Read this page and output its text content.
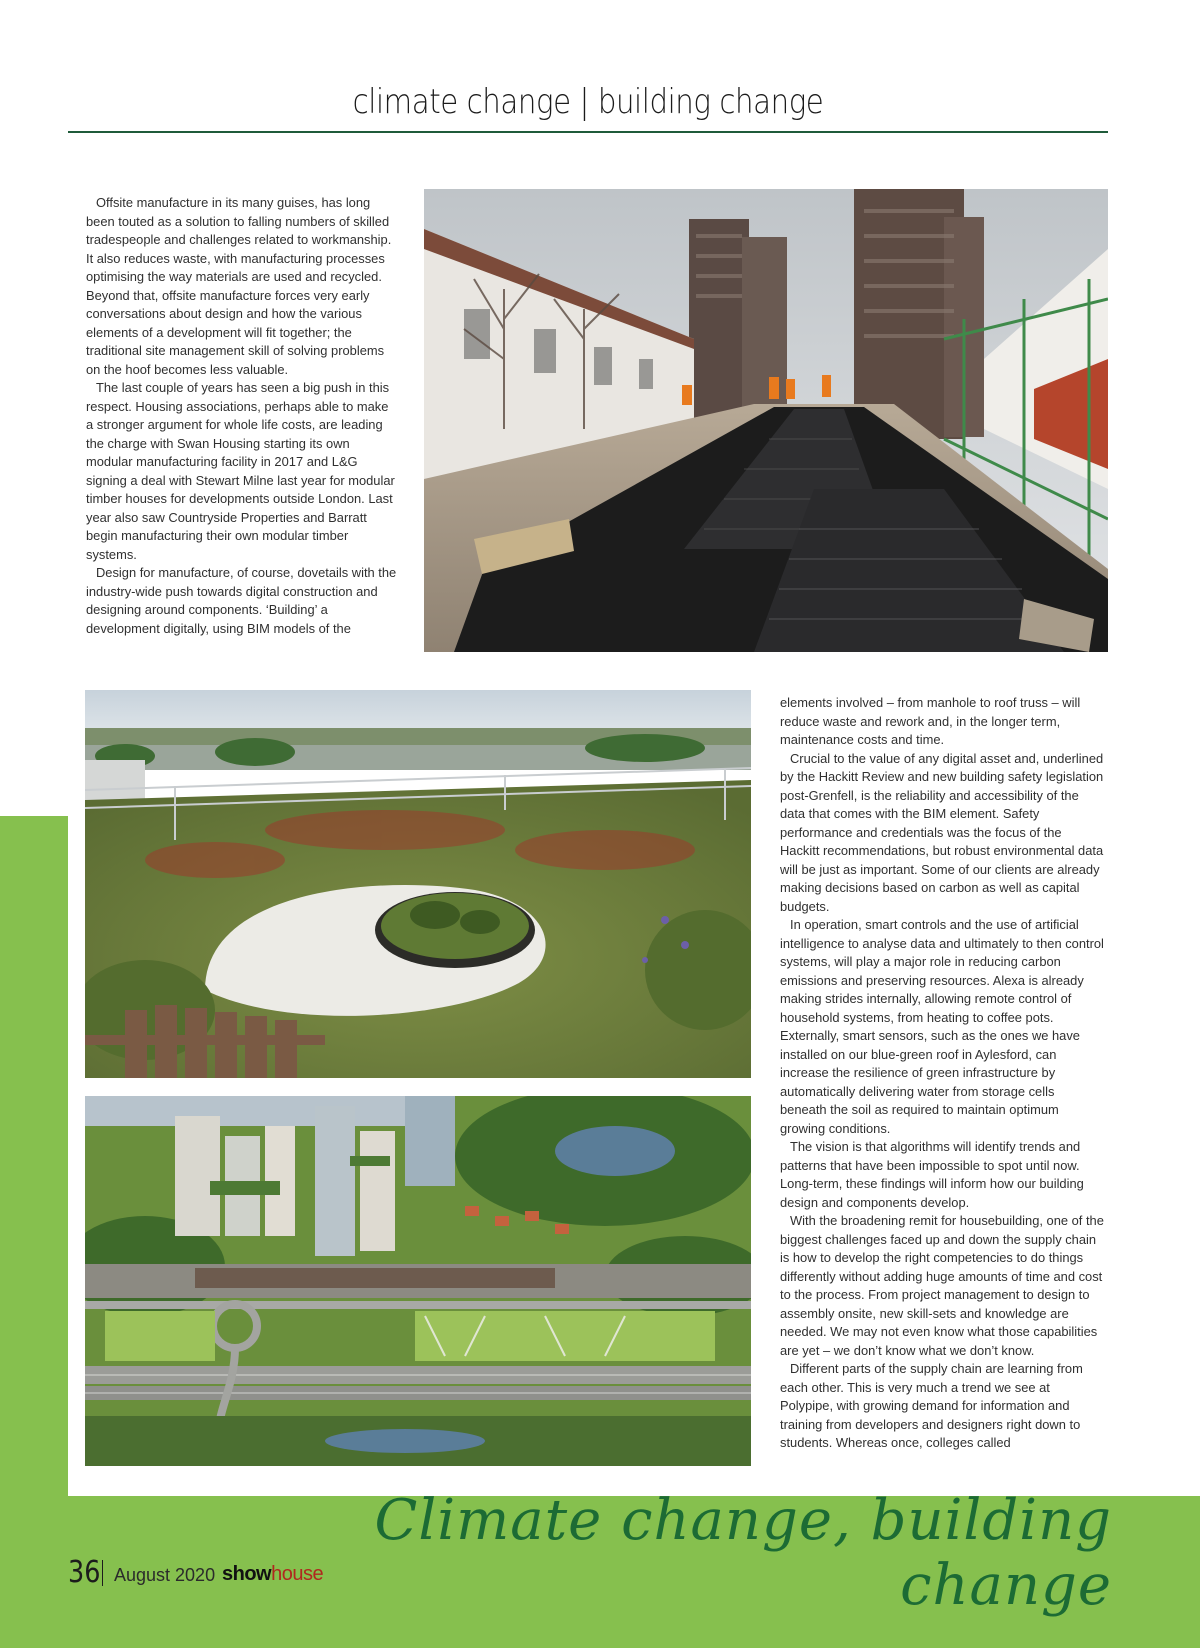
climate change | building change

Offsite manufacture in its many guises, has long been touted as a solution to falling numbers of skilled tradespeople and challenges related to workmanship. It also reduces waste, with manufacturing processes optimising the way materials are used and recycled. Beyond that, offsite manufacture forces very early conversations about design and how the various elements of a development will fit together; the traditional site management skill of solving problems on the hoof becomes less valuable.

The last couple of years has seen a big push in this respect. Housing associations, perhaps able to make a stronger argument for whole life costs, are leading the charge with Swan Housing starting its own modular manufacturing facility in 2017 and L&G signing a deal with Stewart Milne last year for modular timber houses for developments outside London. Last year also saw Countryside Properties and Barratt begin manufacturing their own modular timber systems.

Design for manufacture, of course, dovetails with the industry-wide push towards digital construction and designing around components. ‘Building’ a development digitally, using BIM models of the

elements involved – from manhole to roof truss – will reduce waste and rework and, in the longer term, maintenance costs and time.

Crucial to the value of any digital asset and, underlined by the Hackitt Review and new building safety legislation post-Grenfell, is the reliability and accessibility of the data that comes with the BIM element. Safety performance and credentials was the focus of the Hackitt recommendations, but robust environmental data will be just as important. Some of our clients are already making decisions based on carbon as well as capital budgets.

In operation, smart controls and the use of artificial intelligence to analyse data and ultimately to then control systems, will play a major role in reducing carbon emissions and preserving resources. Alexa is already making strides internally, allowing remote control of household systems, from heating to coffee pots. Externally, smart sensors, such as the ones we have installed on our blue-green roof in Aylesford, can increase the resilience of green infrastructure by automatically delivering water from storage cells beneath the soil as required to maintain optimum growing conditions.

The vision is that algorithms will identify trends and patterns that have been impossible to spot until now. Long-term, these findings will inform how our building design and components develop.

With the broadening remit for housebuilding, one of the biggest challenges faced up and down the supply chain is how to develop the right competencies to do things differently without adding huge amounts of time and cost to the process. From project management to design to assembly onsite, new skill-sets and knowledge are needed. We may not even know what those capabilities are yet – we don’t know what we don’t know.

Different parts of the supply chain are learning from each other. This is very much a trend we see at Polypipe, with growing demand for information and training from developers and designers right down to students. Whereas once, colleges called

36 August 2020 showhouse
Climate change, building change
